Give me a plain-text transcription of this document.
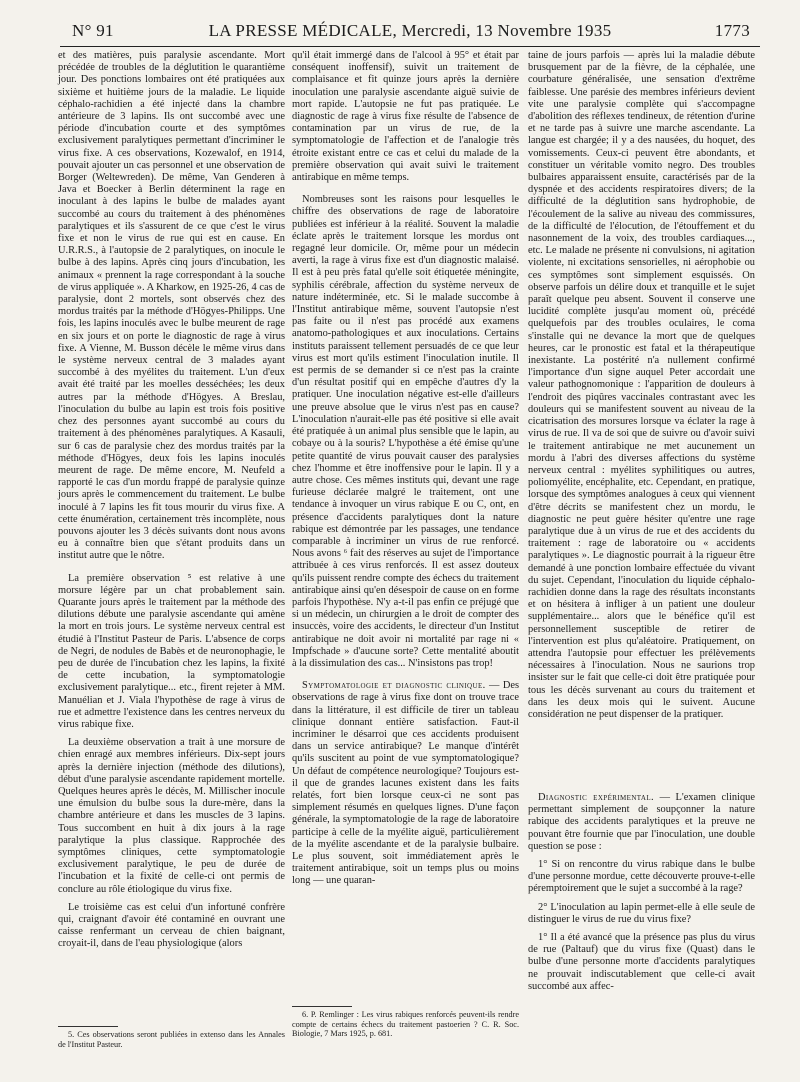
N° 91	LA PRESSE MÉDICALE, Mercredi, 13 Novembre 1935	1773

et des matières, puis paralysie ascendante. Mort précédée de troubles de la déglutition le quarantième jour. Des ponctions lombaires ont été pratiquées aux sixième et huitième jours de la maladie. Le liquide céphalo-rachidien a été injecté dans la chambre antérieure de 3 lapins. Ils ont succombé avec une période d'incubation courte et des symptômes exclusivement paralytiques permettant d'incriminer le virus fixe. A ces observations, Kozewalof, en 1914, pouvait ajouter un cas personnel et une observation de Borger (Weltewreden). De même, Van Genderen à Java et Boecker à Berlin déterminent la rage en inoculant à des lapins le bulbe de malades ayant succombé au cours du traitement à des phénomènes paralytiques et ils s'assurent de ce que c'est le virus fixe et non le virus de rue qui est en cause. En U.R.R.S., à l'autopsie de 2 paralytiques, on inocule le bulbe à des lapins. Après cinq jours d'incubation, les animaux « prennent la rage correspondant à la souche de virus appliquée ». A Kharkow, en 1925-26, 4 cas de paralysie, dont 2 mortels, sont observés chez des mordus traités par la méthode d'Högyes-Philipps. Une fois, les lapins inoculés avec le bulbe meurent de rage en six jours et on porte le diagnostic de rage à virus fixe. A Vienne, M. Busson décèle le même virus dans le système nerveux central de 3 malades ayant succombé à des myélites du traitement. L'un d'eux avait été traité par les moelles desséchées; les deux autres par la méthode d'Högyes. A Breslau, l'inoculation du bulbe au lapin est trois fois positive chez des personnes ayant succombé au cours du traitement à des phénomènes paralytiques. A Kasauli, sur 6 cas de paralysie chez des mordus traités par la méthode d'Högyes, deux fois les lapins inoculés meurent de rage. De même encore, M. Neufeld a rapporté le cas d'un mordu frappé de paralysie quinze jours après le commencement du traitement. Le bulbe inoculé à 7 lapins les fit tous mourir du virus fixe. A cette énumération, certainement très incomplète, nous pouvons ajouter les 3 décès suivants dont nous avons eu à connaître bien que s'étant produits dans un institut autre que le nôtre.

La première observation ⁵ est relative à une morsure légère par un chat probablement sain. Quarante jours après le traitement par la méthode des dilutions débute une paralysie ascendante qui amène la mort en trois jours. Le système nerveux central est étudié à l'Institut Pasteur de Paris. L'absence de corps de Negri, de nodules de Babès et de neuronophagie, le peu de durée de l'incubation chez les lapins, la fixité de cette incubation, la symptomatologie exclusivement paralytique... etc., firent rejeter à MM. Manuélian et J. Viala l'hypothèse de rage à virus de rue et admettre l'existence dans les centres nerveux du virus rabique fixe.

La deuxième observation a trait à une morsure de chien enragé aux membres inférieurs. Dix-sept jours après la dernière injection (méthode des dilutions), début d'une paralysie ascendante rapidement mortelle. Quelques heures après le décès, M. Millischer inocule une émulsion du bulbe sous la dure-mère, dans la chambre antérieure et dans les muscles de 3 lapins. Tous succombent en huit à dix jours à la rage paralytique la plus classique. Rapprochée des symptômes cliniques, cette symptomatologie exclusivement paralytique, le peu de durée de l'incubation et la fixité de celle-ci ont permis de conclure au rôle étiologique du virus fixe.

Le troisième cas est celui d'un infortuné confrère qui, craignant d'avoir été contaminé en ouvrant une caisse renfermant un cerveau de chien baignant, croyait-il, dans de l'eau physiologique (alors

5. Ces observations seront publiées in extenso dans les Annales de l'Institut Pasteur.

qu'il était immergé dans de l'alcool à 95° et était par conséquent inoffensif), suivit un traitement de complaisance et fit quinze jours après la dernière inoculation une paralysie ascendante aiguë suivie de mort rapide. L'autopsie ne fut pas pratiquée. Le diagnostic de rage à virus fixe résulte de l'absence de contamination par un virus de rue, de la symptomatologie de l'affection et de l'analogie très étroite existant entre ce cas et celui du malade de la première observation qui avait suivi le traitement antirabique en même temps.

Nombreuses sont les raisons pour lesquelles le chiffre des observations de rage de laboratoire publiées est inférieur à la réalité. Souvent la maladie éclate après le traitement lorsque les mordus ont regagné leur domicile. Or, même pour un médecin averti, la rage à virus fixe est d'un diagnostic malaisé. Il est à peu près fatal qu'elle soit étiquetée méningite, syphilis cérébrale, affection du système nerveux de nature indéterminée, etc. Si le malade succombe à l'Institut antirabique même, souvent l'autopsie n'est pas faite ou il n'est pas procédé aux examens anatomo-pathologiques et aux inoculations. Certains instituts paraissent tellement persuadés de ce que leur virus est mort qu'ils estiment l'inoculation inutile. Il est permis de se demander si ce n'est pas la crainte d'un résultat positif qui en empêche d'autres d'y la pratiquer. Une inoculation négative est-elle d'ailleurs une preuve absolue que le virus n'est pas en cause? L'inoculation n'aurait-elle pas été positive si elle avait été pratiquée à un animal plus sensible que le lapin, au cobaye ou à la souris? L'hypothèse a été émise qu'une petite quantité de virus pouvait causer des paralysies chez l'homme et être inoffensive pour le lapin. Il y a autre chose. Ces mêmes instituts qui, devant une rage furieuse déclarée malgré le traitement, ont une tendance à invoquer un virus rabique E ou C, ont, en présence d'accidents paralytiques dont la nature rabique est démontrée par les passages, une tendance comparable à incriminer un virus de rue renforcé. Nous avons ⁶ fait des réserves au sujet de l'importance attribuée à ces virus renforcés. Il est assez douteux qu'ils puissent rendre compte des échecs du traitement antirabique ainsi qu'en désespoir de cause on en forme parfois l'hypothèse. N'y a-t-il pas enfin ce préjugé que si un médecin, un chirurgien a le droit de compter des insuccès, voire des accidents, le directeur d'un Institut antirabique ne doit avoir ni mortalité par rage ni « Impfschade » d'aucune sorte? Cette mentalité aboutit à la dissimulation des cas... N'insistons pas trop!

Symptomatologie et diagnostic clinique. — Des observations de rage à virus fixe dont on trouve trace dans la littérature, il est difficile de tirer un tableau clinique donnant entière satisfaction. Faut-il incriminer le désarroi que ces accidents produisent dans un service antirabique? Le manque d'intérêt qu'ils suscitent au point de vue symptomatologique? Un défaut de compétence neurologique? Toujours est-il que de grandes lacunes existent dans les faits relatés, fort bien lorsque ceux-ci ne sont pas simplement résumés en quelques lignes. D'une façon générale, la symptomatologie de la rage de laboratoire participe à celle de la myélite aiguë, particulièrement de la myélite ascendante et de la paralysie bulbaire. Le plus souvent, soit immédiatement après le traitement antirabique, soit un temps plus ou moins long — une quaran-

6. P. Remlinger : Les virus rabiques renforcés peuvent-ils rendre compte de certains échecs du traitement pastoerien ? C. R. Soc. Biologie, 7 Mars 1925, p. 681.

taine de jours parfois — après lui la maladie débute brusquement par de la fièvre, de la céphalée, une courbature généralisée, une sensation d'extrême faiblesse. Une parésie des membres inférieurs devient vite une paralysie complète qui s'accompagne d'abolition des réflexes tendineux, de rétention d'urine et ne tarde pas à suivre une marche ascendante. La langue est chargée; il y a des nausées, du hoquet, des vomissements. Ceux-ci peuvent être abondants, et constituer un véritable vomito negro. Des troubles bulbaires apparaissent ensuite, caractérisés par de la dyspnée et des accidents respiratoires divers; de la difficulté de la déglutition sans hydrophobie, de l'écoulement de la salive au niveau des commissures, de la difficulté de l'élocution, de l'étouffement et du nasonnement de la voix, des troubles cardiaques..., etc. Le malade ne présente ni convulsions, ni agitation violente, ni excitations sensorielles, ni aérophobie ou ces symptômes sont simplement esquissés. On observe parfois un délire doux et tranquille et le sujet paraît quelque peu absent. Souvent il conserve une lucidité complète jusqu'au moment où, précédé quelquefois par des troubles oculaires, le coma s'installe qui ne devance la mort que de quelques heures, car le pronostic est fatal et la thérapeutique inexistante. La postérité n'a nullement confirmé l'importance d'un signe auquel Peter accordait une valeur pathognomonique : l'apparition de douleurs à l'endroit des piqûres vaccinales contrastant avec les douleurs qui se manifestent souvent au niveau de la cicatrisation des morsures lorsque va éclater la rage à virus de rue. Il va de soi que de suivre ou d'avoir suivi le traitement antirabique ne met aucunement un mordu à l'abri des diverses affections du système nerveux central : myélites syphilitiques ou autres, poliomyélite, encéphalite, etc. Cependant, en pratique, lorsque des symptômes analogues à ceux qui viennent d'être décrits se manifestent chez un mordu, le diagnostic ne peut guère hésiter qu'entre une rage paralytique due à un virus de rue et des accidents du traitement : rage de laboratoire ou « accidents paralytiques ». Le diagnostic pourrait à la rigueur être demandé à une ponction lombaire effectuée du vivant du sujet. Cependant, l'inoculation du liquide céphalo-rachidien donne dans la rage des résultats inconstants et on hésitera à infliger à un patient une douleur supplémentaire... alors que le bénéfice qu'il est personnellement susceptible de retirer de l'intervention est plus qu'aléatoire. Pratiquement, on attendra l'autopsie pour effectuer les prélèvements nécessaires à l'inoculation. Nous ne saurions trop insister sur le fait que celle-ci doit être pratiquée pour tous les décès survenant au cours du traitement et dans les deux mois qui le suivent. Aucune considération ne peut dispenser de la pratiquer.

Diagnostic expérimental. — L'examen clinique permettant simplement de soupçonner la nature rabique des accidents paralytiques et la preuve ne pouvant être fournie que par l'inoculation, une double question se pose :

1° Si on rencontre du virus rabique dans le bulbe d'une personne mordue, cette découverte prouve-t-elle péremptoirement que le sujet a succombé à la rage?

2° L'inoculation au lapin permet-elle à elle seule de distinguer le virus de rue du virus fixe?

1° Il a été avancé que la présence pas plus du virus de rue (Paltauf) que du virus fixe (Quast) dans le bulbe d'une personne morte d'accidents paralytiques ne prouvait indiscutablement que celle-ci avait succombé aux affec-
